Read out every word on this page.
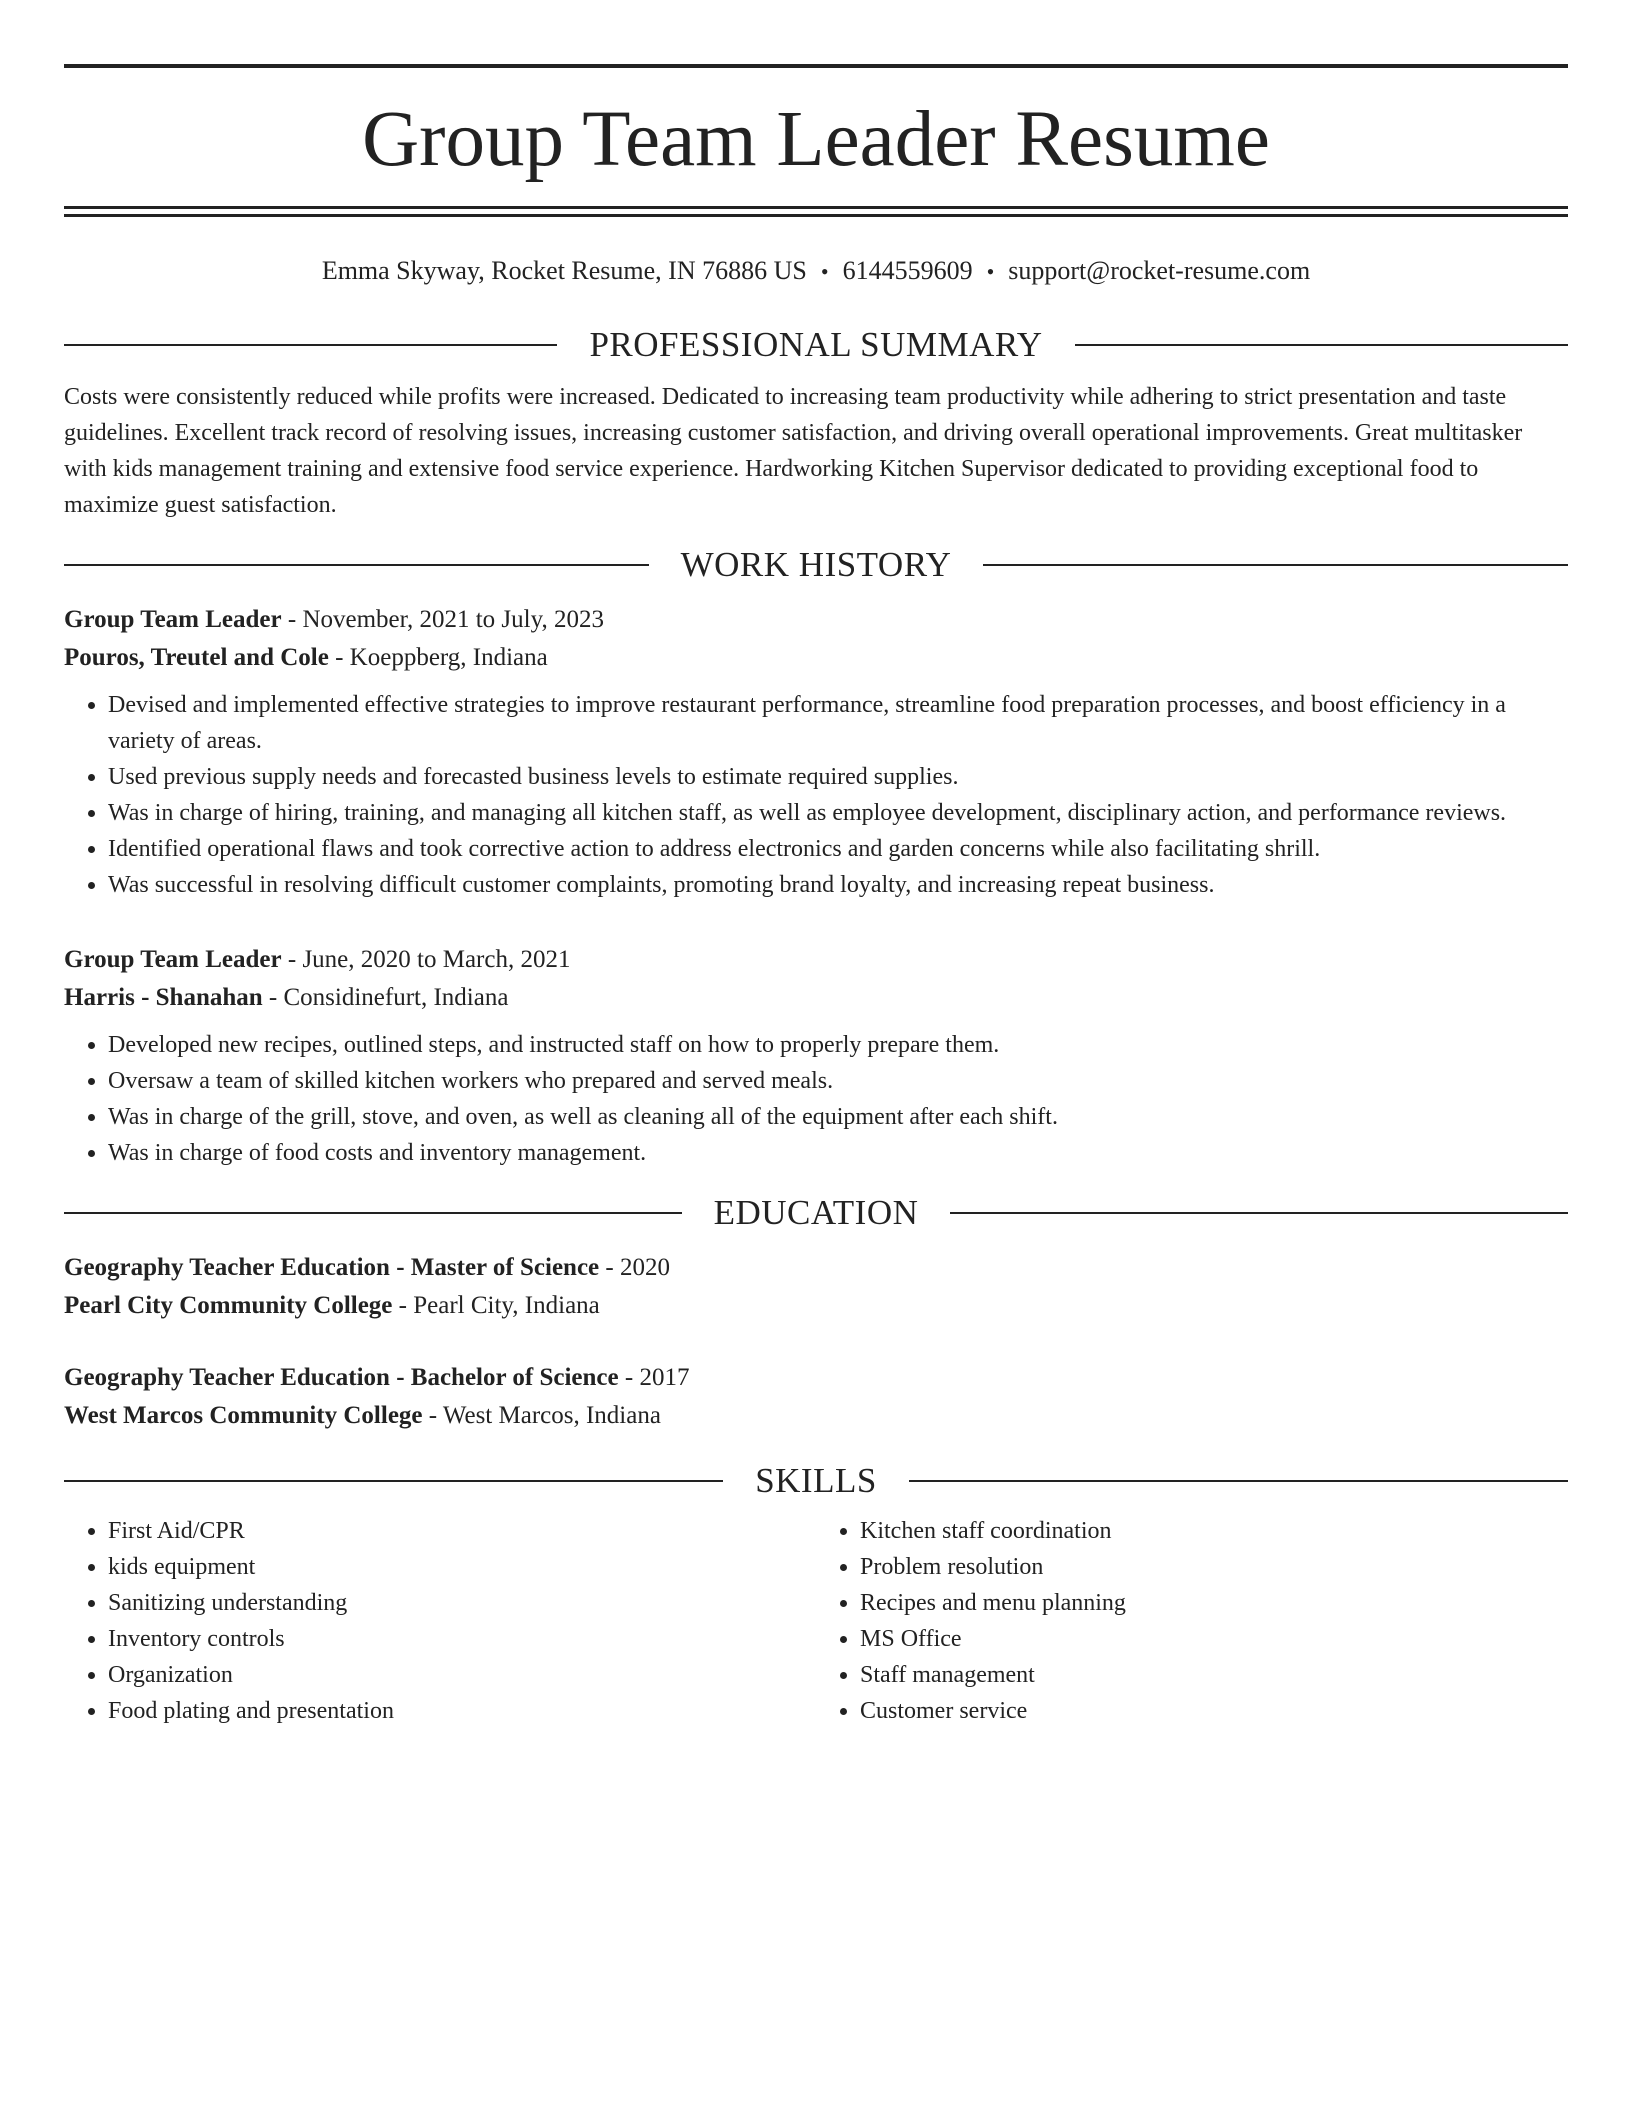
Group Team Leader Resume
Emma Skyway, Rocket Resume, IN 76886 US • 6144559609 • support@rocket-resume.com
PROFESSIONAL SUMMARY

Costs were consistently reduced while profits were increased. Dedicated to increasing team productivity while adhering to strict presentation and taste guidelines. Excellent track record of resolving issues, increasing customer satisfaction, and driving overall operational improvements. Great multitasker with kids management training and extensive food service experience. Hardworking Kitchen Supervisor dedicated to providing exceptional food to maximize guest satisfaction.

WORK HISTORY
Group Team Leader - November, 2021 to July, 2023
Pouros, Treutel and Cole - Koeppberg, Indiana
• Devised and implemented effective strategies to improve restaurant performance, streamline food preparation processes, and boost efficiency in a variety of areas.
• Used previous supply needs and forecasted business levels to estimate required supplies.
• Was in charge of hiring, training, and managing all kitchen staff, as well as employee development, disciplinary action, and performance reviews.
• Identified operational flaws and took corrective action to address electronics and garden concerns while also facilitating shrill.
• Was successful in resolving difficult customer complaints, promoting brand loyalty, and increasing repeat business.
Group Team Leader - June, 2020 to March, 2021
Harris - Shanahan - Considinefurt, Indiana
• Developed new recipes, outlined steps, and instructed staff on how to properly prepare them.
• Oversaw a team of skilled kitchen workers who prepared and served meals.
• Was in charge of the grill, stove, and oven, as well as cleaning all of the equipment after each shift.
• Was in charge of food costs and inventory management.
EDUCATION
Geography Teacher Education - Master of Science - 2020
Pearl City Community College - Pearl City, Indiana
Geography Teacher Education - Bachelor of Science - 2017
West Marcos Community College - West Marcos, Indiana
SKILLS
• First Aid/CPR
• kids equipment
• Sanitizing understanding
• Inventory controls
• Organization
• Food plating and presentation
• Kitchen staff coordination
• Problem resolution
• Recipes and menu planning
• MS Office
• Staff management
• Customer service
